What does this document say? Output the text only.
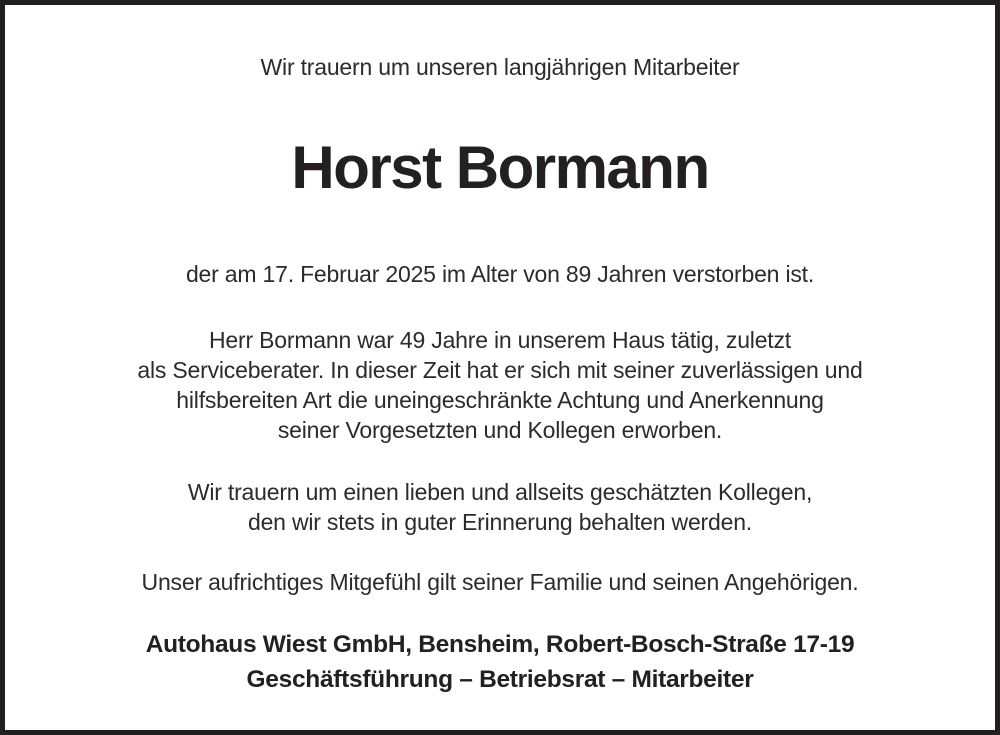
Wir trauern um unseren langjährigen Mitarbeiter

Horst Bormann

der am 17. Februar 2025 im Alter von 89 Jahren verstorben ist.

Herr Bormann war 49 Jahre in unserem Haus tätig, zuletzt
als Serviceberater. In dieser Zeit hat er sich mit seiner zuverlässigen und
hilfsbereiten Art die uneingeschränkte Achtung und Anerkennung
seiner Vorgesetzten und Kollegen erworben.
Wir trauern um einen lieben und allseits geschätzten Kollegen,
den wir stets in guter Erinnerung behalten werden.

Unser aufrichtiges Mitgefühl gilt seiner Familie und seinen Angehörigen.

Autohaus Wiest GmbH, Bensheim, Robert-Bosch-Straße 17-19
Geschäftsführung – Betriebsrat – Mitarbeiter
